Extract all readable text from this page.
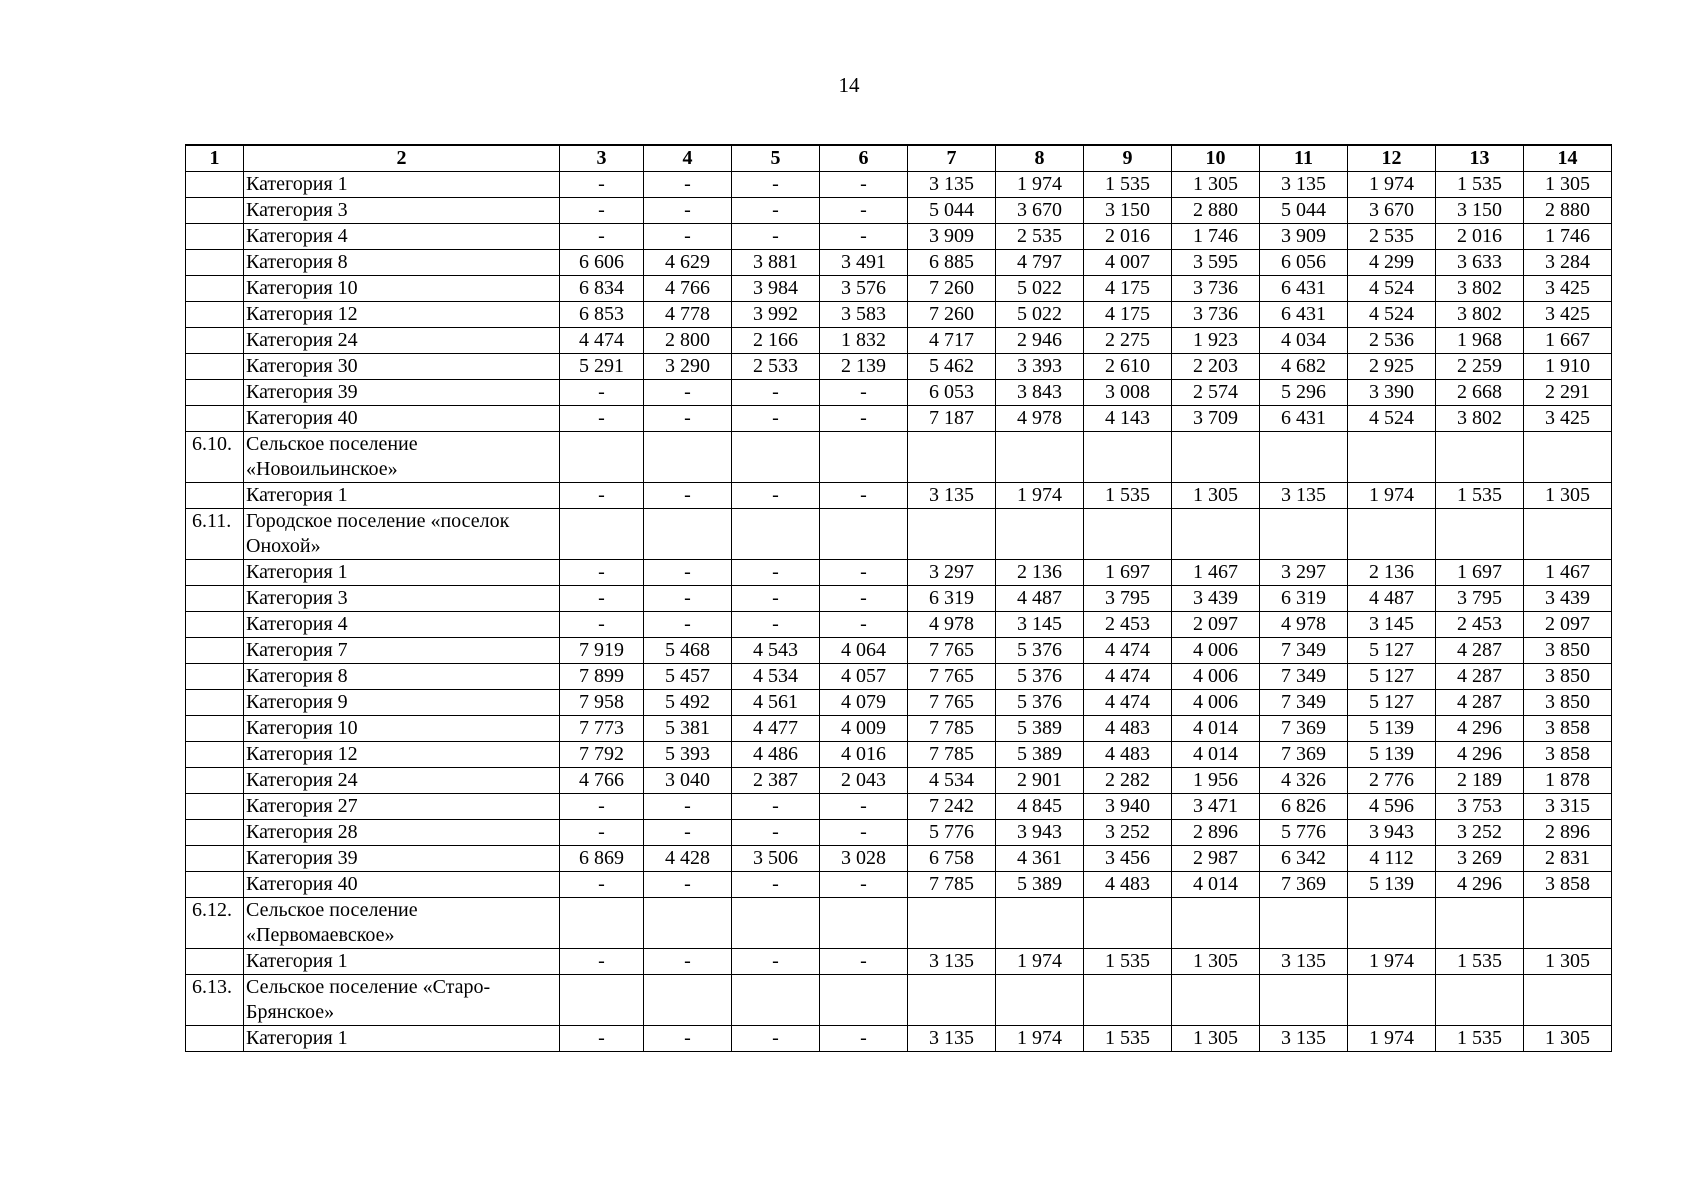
14
1	2	3	4	5	6	7	8	9	10	11	12	13	14
	Категория 1	-	-	-	-	3 135	1 974	1 535	1 305	3 135	1 974	1 535	1 305
	Категория 3	-	-	-	-	5 044	3 670	3 150	2 880	5 044	3 670	3 150	2 880
	Категория 4	-	-	-	-	3 909	2 535	2 016	1 746	3 909	2 535	2 016	1 746
	Категория 8	6 606	4 629	3 881	3 491	6 885	4 797	4 007	3 595	6 056	4 299	3 633	3 284
	Категория 10	6 834	4 766	3 984	3 576	7 260	5 022	4 175	3 736	6 431	4 524	3 802	3 425
	Категория 12	6 853	4 778	3 992	3 583	7 260	5 022	4 175	3 736	6 431	4 524	3 802	3 425
	Категория 24	4 474	2 800	2 166	1 832	4 717	2 946	2 275	1 923	4 034	2 536	1 968	1 667
	Категория 30	5 291	3 290	2 533	2 139	5 462	3 393	2 610	2 203	4 682	2 925	2 259	1 910
	Категория 39	-	-	-	-	6 053	3 843	3 008	2 574	5 296	3 390	2 668	2 291
	Категория 40	-	-	-	-	7 187	4 978	4 143	3 709	6 431	4 524	3 802	3 425
6.10.	Сельское поселение «Новоильинское»												
	Категория 1	-	-	-	-	3 135	1 974	1 535	1 305	3 135	1 974	1 535	1 305
6.11.	Городское поселение «поселок Онохой»												
	Категория 1	-	-	-	-	3 297	2 136	1 697	1 467	3 297	2 136	1 697	1 467
	Категория 3	-	-	-	-	6 319	4 487	3 795	3 439	6 319	4 487	3 795	3 439
	Категория 4	-	-	-	-	4 978	3 145	2 453	2 097	4 978	3 145	2 453	2 097
	Категория 7	7 919	5 468	4 543	4 064	7 765	5 376	4 474	4 006	7 349	5 127	4 287	3 850
	Категория 8	7 899	5 457	4 534	4 057	7 765	5 376	4 474	4 006	7 349	5 127	4 287	3 850
	Категория 9	7 958	5 492	4 561	4 079	7 765	5 376	4 474	4 006	7 349	5 127	4 287	3 850
	Категория 10	7 773	5 381	4 477	4 009	7 785	5 389	4 483	4 014	7 369	5 139	4 296	3 858
	Категория 12	7 792	5 393	4 486	4 016	7 785	5 389	4 483	4 014	7 369	5 139	4 296	3 858
	Категория 24	4 766	3 040	2 387	2 043	4 534	2 901	2 282	1 956	4 326	2 776	2 189	1 878
	Категория 27	-	-	-	-	7 242	4 845	3 940	3 471	6 826	4 596	3 753	3 315
	Категория 28	-	-	-	-	5 776	3 943	3 252	2 896	5 776	3 943	3 252	2 896
	Категория 39	6 869	4 428	3 506	3 028	6 758	4 361	3 456	2 987	6 342	4 112	3 269	2 831
	Категория 40	-	-	-	-	7 785	5 389	4 483	4 014	7 369	5 139	4 296	3 858
6.12.	Сельское поселение «Первомаевское»												
	Категория 1	-	-	-	-	3 135	1 974	1 535	1 305	3 135	1 974	1 535	1 305
6.13.	Сельское поселение «Старо-Брянское»												
	Категория 1	-	-	-	-	3 135	1 974	1 535	1 305	3 135	1 974	1 535	1 305
